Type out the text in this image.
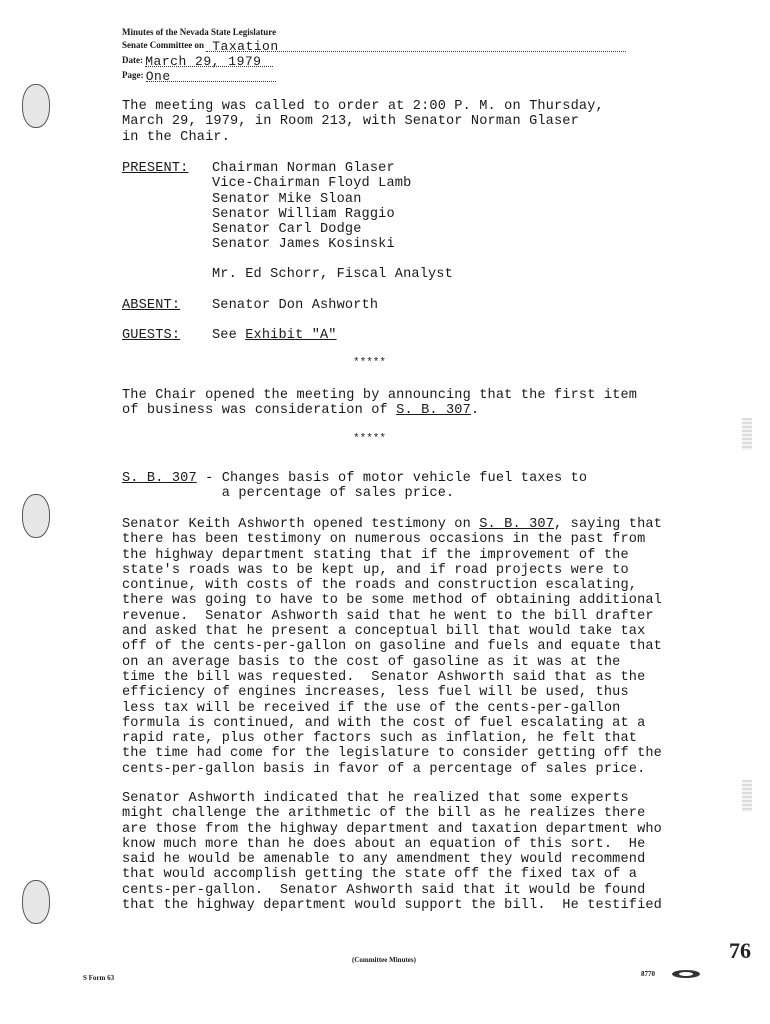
Minutes of the Nevada State Legislature
Senate Committee on Taxation
Date: March 29, 1979
Page: One
The meeting was called to order at 2:00 P. M. on Thursday,
March 29, 1979, in Room 213, with Senator Norman Glaser
in the Chair.
PRESENT:	Chairman Norman Glaser
Vice-Chairman Floyd Lamb
Senator Mike Sloan
Senator William Raggio
Senator Carl Dodge
Senator James Kosinski
Mr. Ed Schorr, Fiscal Analyst
ABSENT:	Senator Don Ashworth
GUESTS:	See Exhibit "A"
*****
The Chair opened the meeting by announcing that the first item
of business was consideration of S. B. 307.
*****
S. B. 307 - Changes basis of motor vehicle fuel taxes to
a percentage of sales price.
Senator Keith Ashworth opened testimony on S. B. 307, saying that
there has been testimony on numerous occasions in the past from
the highway department stating that if the improvement of the
state's roads was to be kept up, and if road projects were to
continue, with costs of the roads and construction escalating,
there was going to have to be some method of obtaining additional
revenue.  Senator Ashworth said that he went to the bill drafter
and asked that he present a conceptual bill that would take tax
off of the cents-per-gallon on gasoline and fuels and equate that
on an average basis to the cost of gasoline as it was at the
time the bill was requested.  Senator Ashworth said that as the
efficiency of engines increases, less fuel will be used, thus
less tax will be received if the use of the cents-per-gallon
formula is continued, and with the cost of fuel escalating at a
rapid rate, plus other factors such as inflation, he felt that
the time had come for the legislature to consider getting off the
cents-per-gallon basis in favor of a percentage of sales price.
Senator Ashworth indicated that he realized that some experts
might challenge the arithmetic of the bill as he realizes there
are those from the highway department and taxation department who
know much more than he does about an equation of this sort.  He
said he would be amenable to any amendment they would recommend
that would accomplish getting the state off the fixed tax of a
cents-per-gallon.  Senator Ashworth said that it would be found
that the highway department would support the bill.  He testified
(Committee Minutes)
S Form 63	8770
76
